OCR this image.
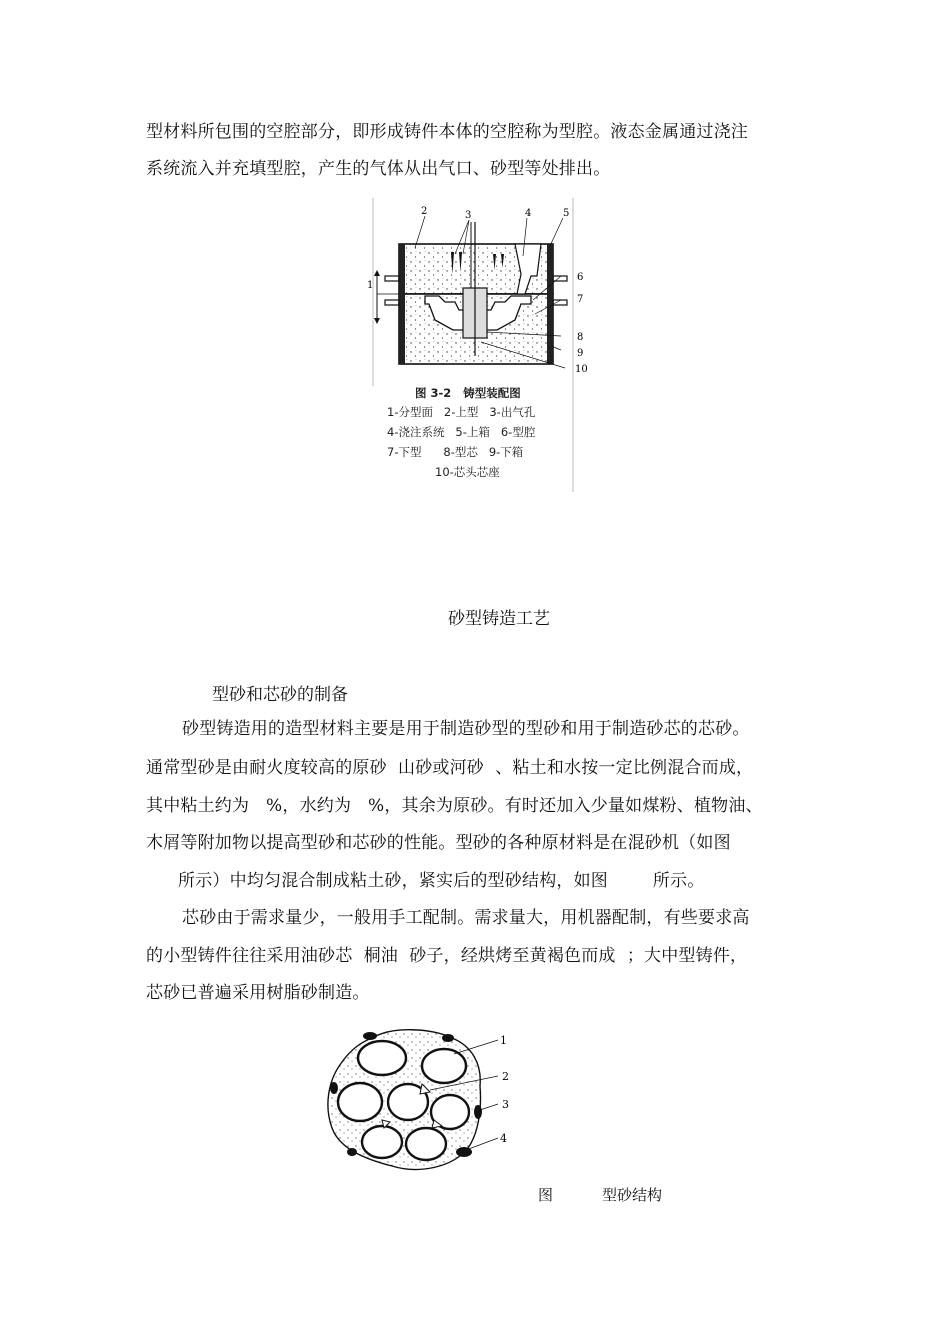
型材料所包围的空腔部分，即形成铸件本体的空腔称为型腔。液态金属通过浇注
系统流入并充填型腔，产生的气体从出气口、砂型等处排出。
1
2	3	4	5
6
7
8
9
10
图 3-2   铸型装配图
1-分型面   2-上型   3-出气孔
4-浇注系统   5-上箱   6-型腔
7-下型      8-型芯   9-下箱
10-芯头芯座
砂型铸造工艺
型砂和芯砂的制备
砂型铸造用的造型材料主要是用于制造砂型的型砂和用于制造砂芯的芯砂。
通常型砂是由耐火度较高的原砂  山砂或河砂  、粘土和水按一定比例混合而成，
其中粘土约为   %，水约为   %，其余为原砂。有时还加入少量如煤粉、植物油、
木屑等附加物以提高型砂和芯砂的性能。型砂的各种原材料是在混砂机（如图
所示）中均匀混合制成粘土砂，紧实后的型砂结构，如图        所示。
芯砂由于需求量少，一般用手工配制。需求量大，用机器配制，有些要求高
的小型铸件往往采用油砂芯  桐油  砂子，经烘烤至黄褐色而成  ；大中型铸件，
芯砂已普遍采用树脂砂制造。
1
2
3
4
图	型砂结构
